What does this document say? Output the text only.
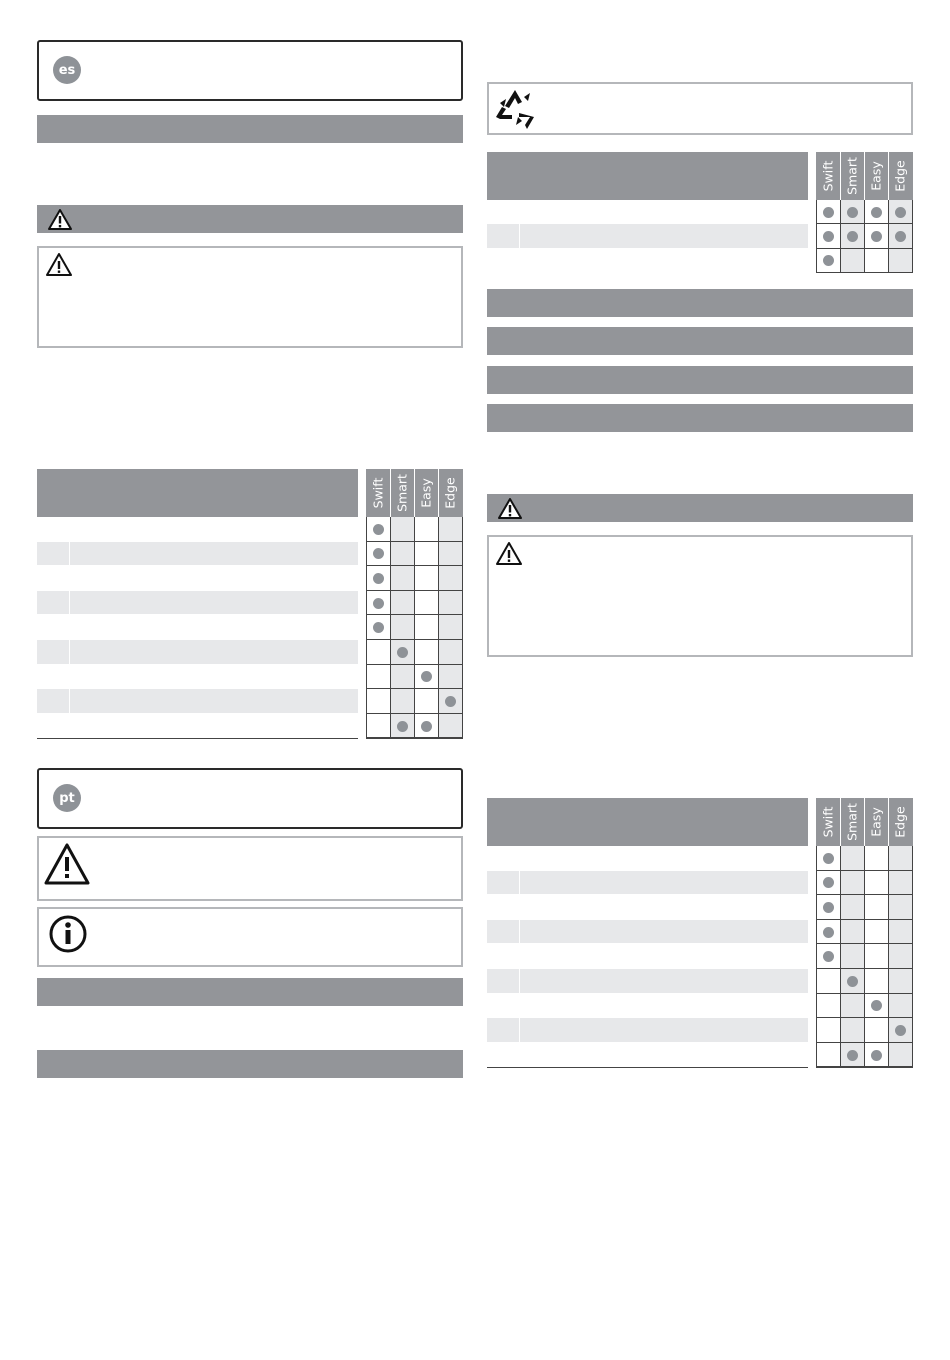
es
Swift Smart Easy Edge
pt
Swift Smart Easy Edge
Swift Smart Easy Edge
